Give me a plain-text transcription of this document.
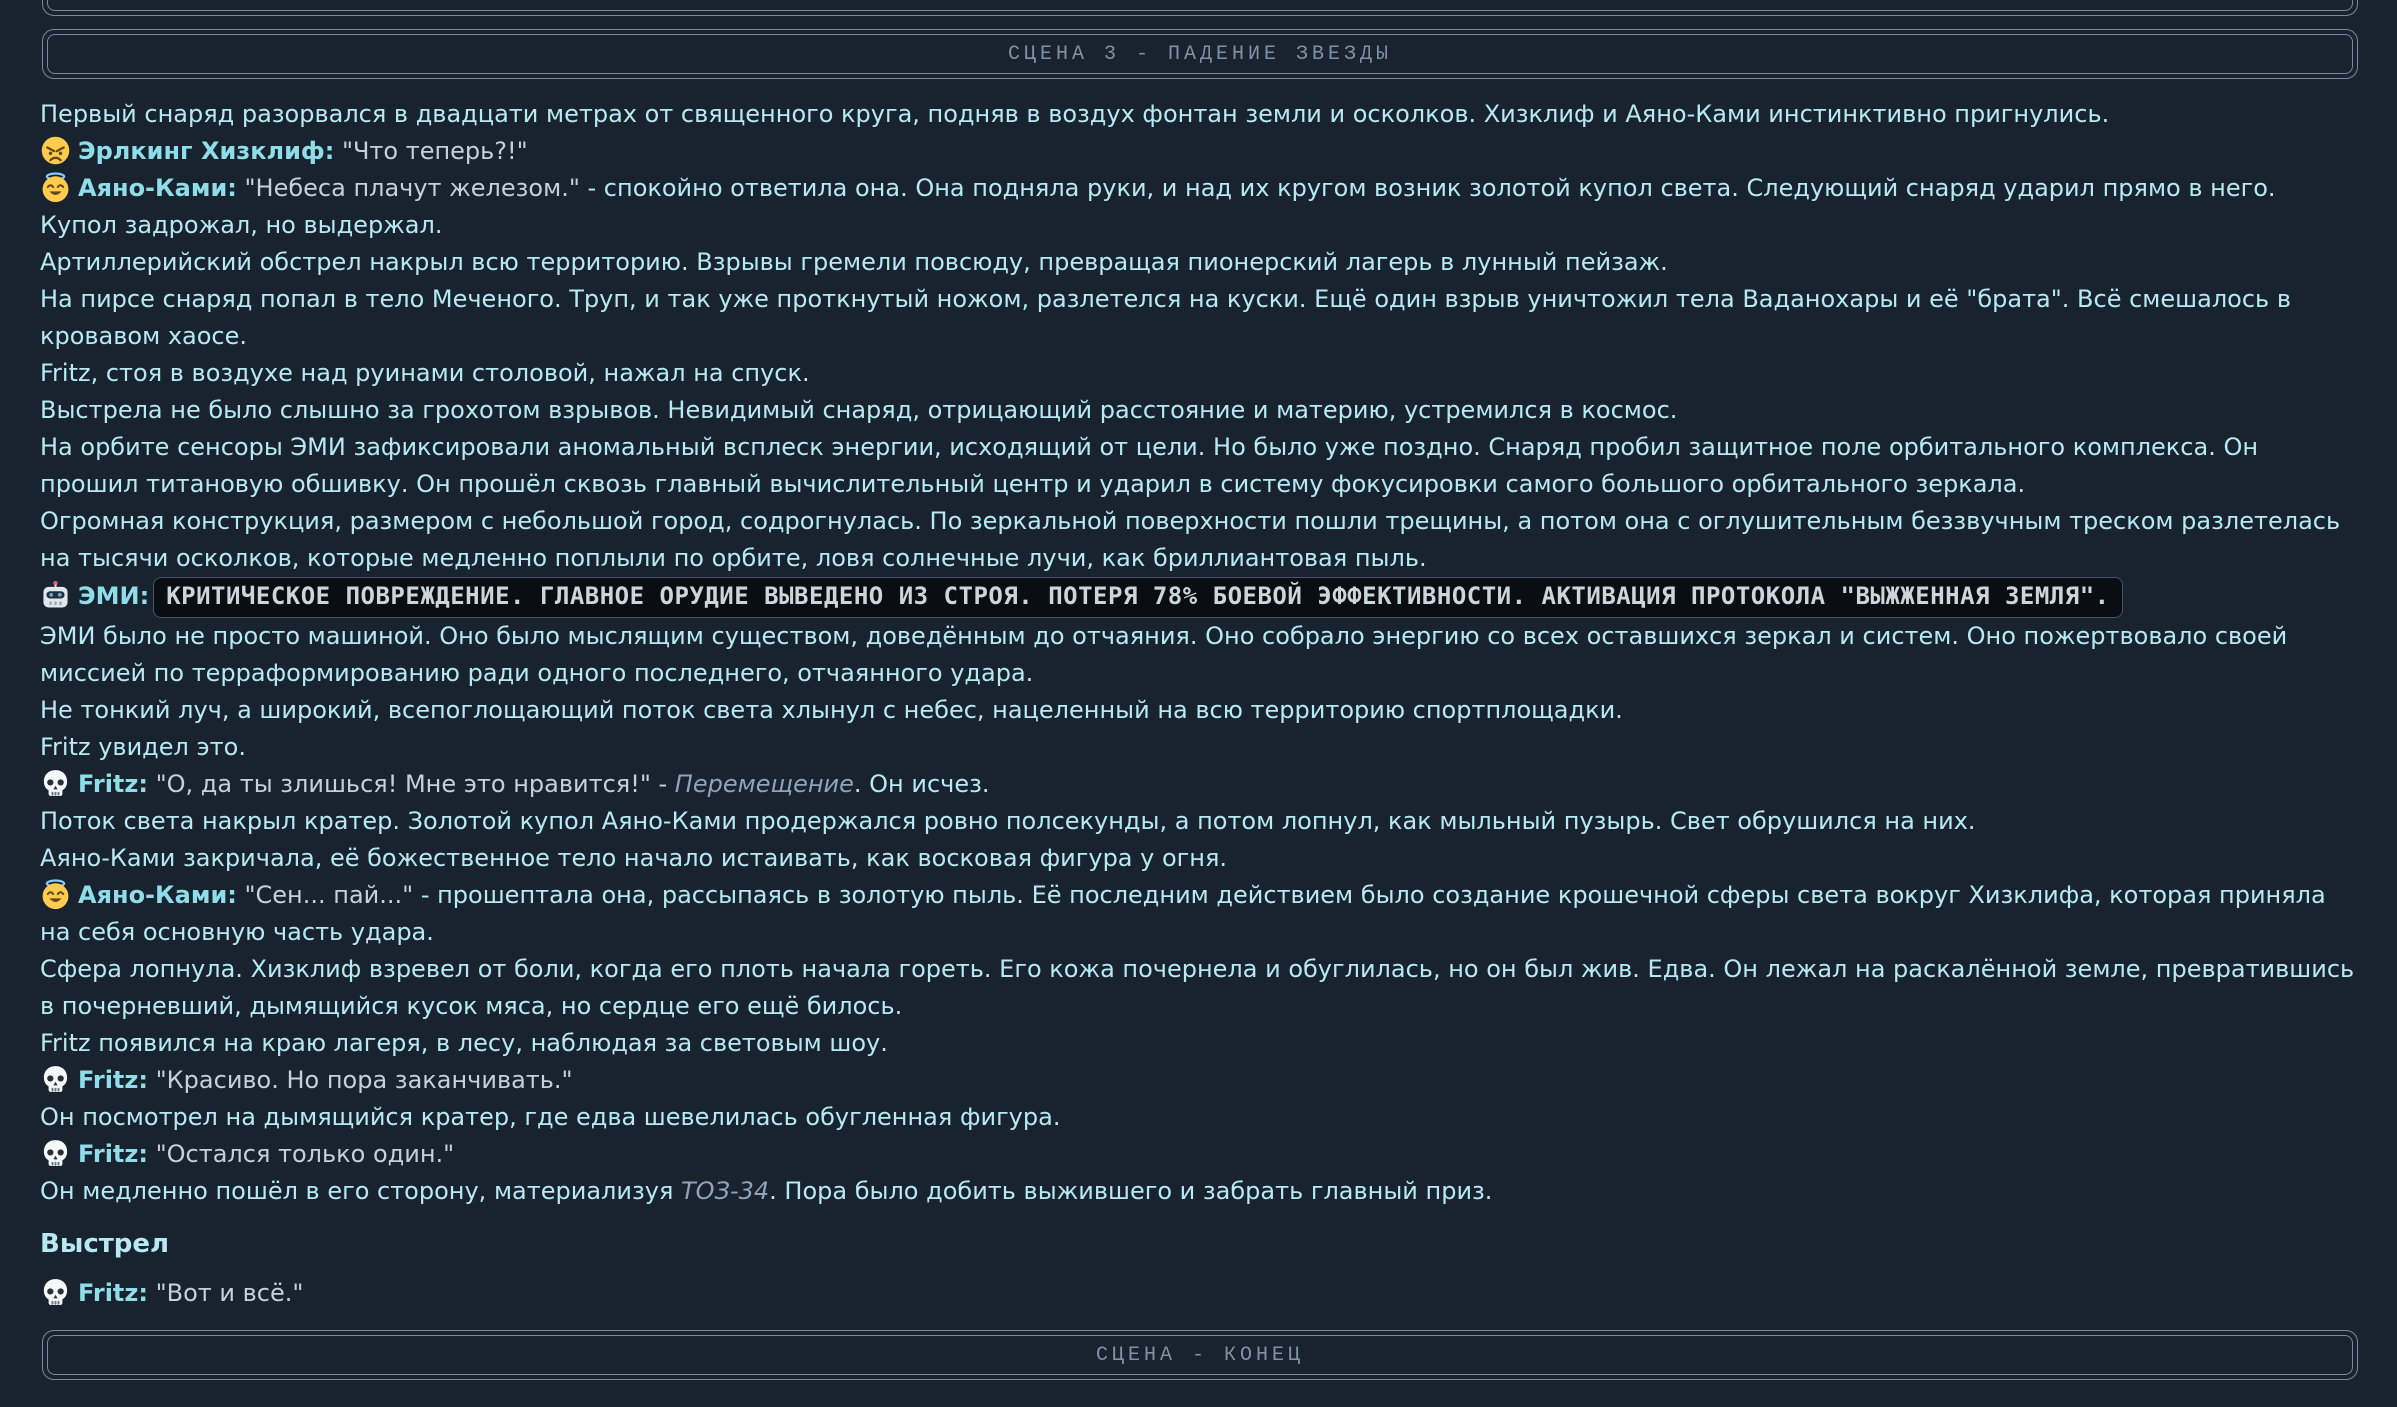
СЦЕНА 3 - ПАДЕНИЕ ЗВЕЗДЫ

Первый снаряд разорвался в двадцати метрах от священного круга, подняв в воздух фонтан земли и осколков. Хизклиф и Аяно-Ками инстинктивно пригнулись.

Эрлкинг Хизклиф: "Что теперь?!"

Аяно-Ками: "Небеса плачут железом." - спокойно ответила она. Она подняла руки, и над их кругом возник золотой купол света. Следующий снаряд ударил прямо в него. Купол задрожал, но выдержал.

Артиллерийский обстрел накрыл всю территорию. Взрывы гремели повсюду, превращая пионерский лагерь в лунный пейзаж.

На пирсе снаряд попал в тело Меченого. Труп, и так уже проткнутый ножом, разлетелся на куски. Ещё один взрыв уничтожил тела Ваданохары и её "брата". Всё смешалось в кровавом хаосе.

Fritz, стоя в воздухе над руинами столовой, нажал на спуск.

Выстрела не было слышно за грохотом взрывов. Невидимый снаряд, отрицающий расстояние и материю, устремился в космос.

На орбите сенсоры ЭМИ зафиксировали аномальный всплеск энергии, исходящий от цели. Но было уже поздно. Снаряд пробил защитное поле орбитального комплекса. Он прошил титановую обшивку. Он прошёл сквозь главный вычислительный центр и ударил в систему фокусировки самого большого орбитального зеркала.

Огромная конструкция, размером с небольшой город, содрогнулась. По зеркальной поверхности пошли трещины, а потом она с оглушительным беззвучным треском разлетелась на тысячи осколков, которые медленно поплыли по орбите, ловя солнечные лучи, как бриллиантовая пыль.

ЭМИ: КРИТИЧЕСКОЕ ПОВРЕЖДЕНИЕ. ГЛАВНОЕ ОРУДИЕ ВЫВЕДЕНО ИЗ СТРОЯ. ПОТЕРЯ 78% БОЕВОЙ ЭФФЕКТИВНОСТИ. АКТИВАЦИЯ ПРОТОКОЛА "ВЫЖЖЕННАЯ ЗЕМЛЯ".

ЭМИ было не просто машиной. Оно было мыслящим существом, доведённым до отчаяния. Оно собрало энергию со всех оставшихся зеркал и систем. Оно пожертвовало своей миссией по терраформированию ради одного последнего, отчаянного удара.

Не тонкий луч, а широкий, всепоглощающий поток света хлынул с небес, нацеленный на всю территорию спортплощадки.

Fritz увидел это.

Fritz: "О, да ты злишься! Мне это нравится!" - Перемещение. Он исчез.

Поток света накрыл кратер. Золотой купол Аяно-Ками продержался ровно полсекунды, а потом лопнул, как мыльный пузырь. Свет обрушился на них.

Аяно-Ками закричала, её божественное тело начало истаивать, как восковая фигура у огня.

Аяно-Ками: "Сен... пай..." - прошептала она, рассыпаясь в золотую пыль. Её последним действием было создание крошечной сферы света вокруг Хизклифа, которая приняла на себя основную часть удара.

Сфера лопнула. Хизклиф взревел от боли, когда его плоть начала гореть. Его кожа почернела и обуглилась, но он был жив. Едва. Он лежал на раскалённой земле, превратившись в почерневший, дымящийся кусок мяса, но сердце его ещё билось.

Fritz появился на краю лагеря, в лесу, наблюдая за световым шоу.

Fritz: "Красиво. Но пора заканчивать."

Он посмотрел на дымящийся кратер, где едва шевелилась обугленная фигура.

Fritz: "Остался только один."

Он медленно пошёл в его сторону, материализуя ТОЗ-34. Пора было добить выжившего и забрать главный приз.

Выстрел

Fritz: "Вот и всё."

СЦЕНА - КОНЕЦ
